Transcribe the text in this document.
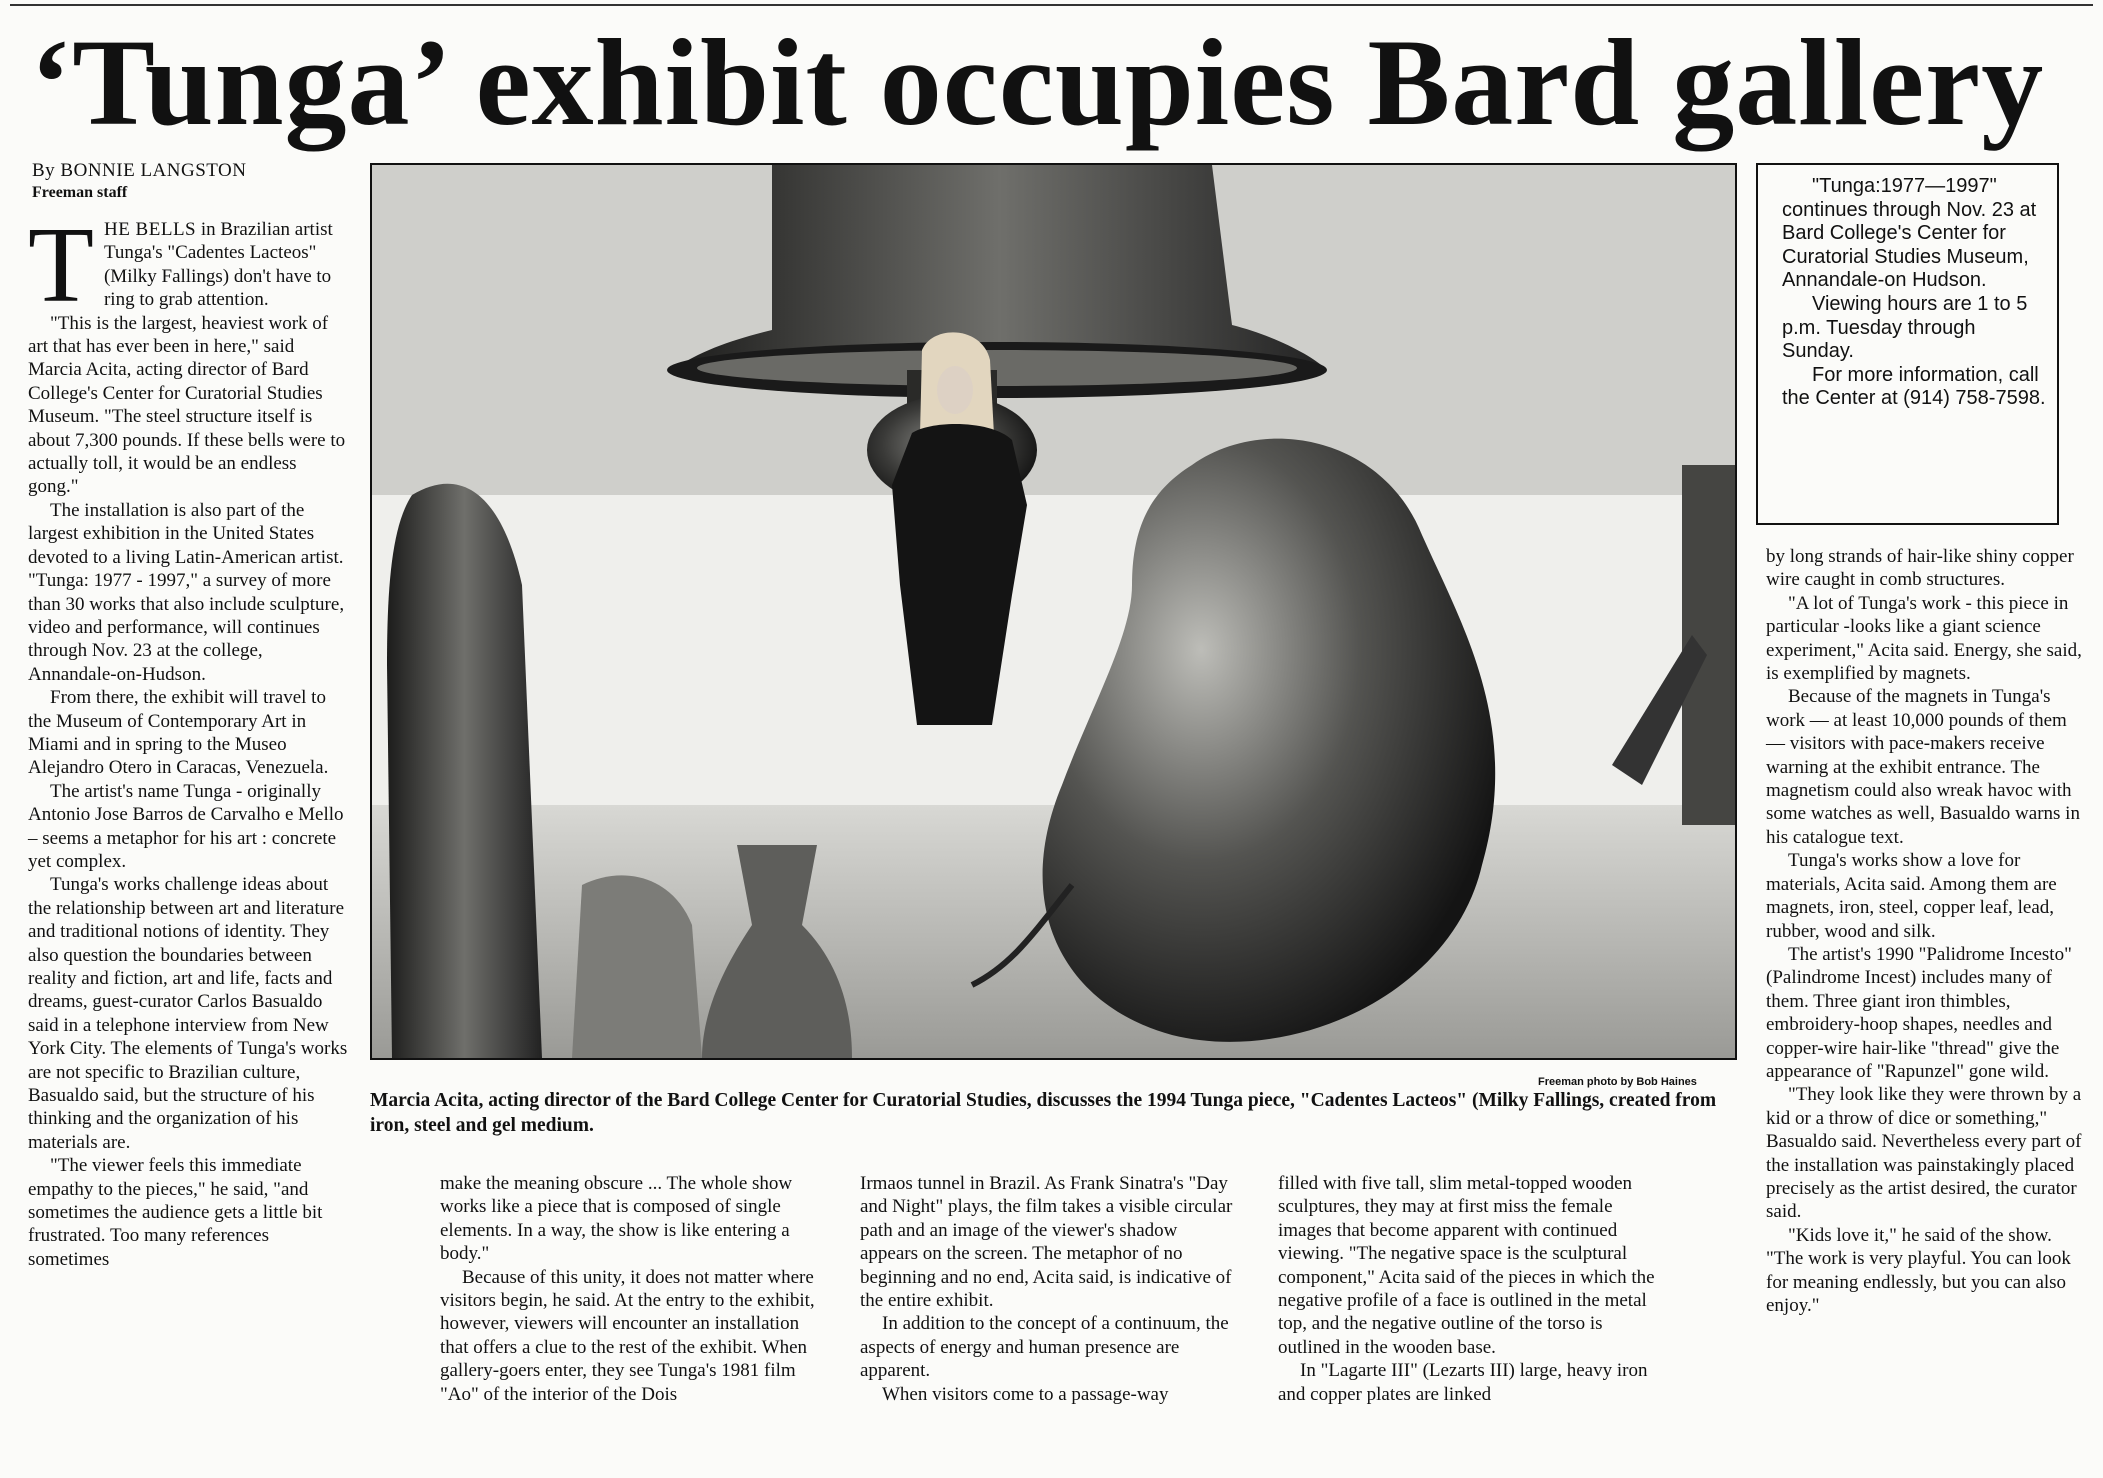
‘Tunga’ exhibit occupies Bard gallery
By BONNIE LANGSTON
Freeman staff

THE BELLS in Brazilian artist Tunga's "Cadentes Lacteos" (Milky Fallings) don't have to ring to grab attention.

"This is the largest, heaviest work of art that has ever been in here," said Marcia Acita, acting director of Bard College's Center for Curatorial Studies Museum. "The steel structure itself is about 7,300 pounds. If these bells were to actually toll, it would be an endless gong."

The installation is also part of the largest exhibition in the United States devoted to a living Latin-American artist. "Tunga: 1977 - 1997," a survey of more than 30 works that also include sculpture, video and performance, will continues through Nov. 23 at the college, Annandale-on-Hudson.

From there, the exhibit will travel to the Museum of Contemporary Art in Miami and in spring to the Museo Alejandro Otero in Caracas, Venezuela.

The artist's name Tunga - originally Antonio Jose Barros de Carvalho e Mello – seems a metaphor for his art : concrete yet complex.

Tunga's works challenge ideas about the relationship between art and literature and traditional notions of identity. They also question the boundaries between reality and fiction, art and life, facts and dreams, guest-curator Carlos Basualdo said in a telephone interview from New York City. The elements of Tunga's works are not specific to Brazilian culture, Basualdo said, but the structure of his thinking and the organization of his materials are.

"The viewer feels this immediate empathy to the pieces," he said, "and sometimes the audience gets a little bit frustrated. Too many references sometimes

Freeman photo by Bob Haines
Marcia Acita, acting director of the Bard College Center for Curatorial Studies, discusses the 1994 Tunga piece, "Cadentes Lacteos" (Milky Fallings, created from iron, steel and gel medium.

"Tunga:1977—1997" continues through Nov. 23 at Bard College's Center for Curatorial Studies Museum, Annandale-on Hudson.

Viewing hours are 1 to 5 p.m. Tuesday through Sunday.

For more information, call the Center at (914) 758-7598.

make the meaning obscure ... The whole show works like a piece that is composed of single elements. In a way, the show is like entering a body."

Because of this unity, it does not matter where visitors begin, he said. At the entry to the exhibit, however, viewers will encounter an installation that offers a clue to the rest of the exhibit. When gallery-goers enter, they see Tunga's 1981 film "Ao" of the interior of the Dois

Irmaos tunnel in Brazil. As Frank Sinatra's "Day and Night" plays, the film takes a visible circular path and an image of the viewer's shadow appears on the screen. The metaphor of no beginning and no end, Acita said, is indicative of the entire exhibit.

In addition to the concept of a continuum, the aspects of energy and human presence are apparent.

When visitors come to a passage-way

filled with five tall, slim metal-topped wooden sculptures, they may at first miss the female images that become apparent with continued viewing. "The negative space is the sculptural component," Acita said of the pieces in which the negative profile of a face is outlined in the metal top, and the negative outline of the torso is outlined in the wooden base.

In "Lagarte III" (Lezarts III) large, heavy iron and copper plates are linked

by long strands of hair-like shiny copper wire caught in comb structures.

"A lot of Tunga's work - this piece in particular -looks like a giant science experiment," Acita said. Energy, she said, is exemplified by magnets.

Because of the magnets in Tunga's work — at least 10,000 pounds of them — visitors with pace-makers receive warning at the exhibit entrance. The magnetism could also wreak havoc with some watches as well, Basualdo warns in his catalogue text.

Tunga's works show a love for materials, Acita said. Among them are magnets, iron, steel, copper leaf, lead, rubber, wood and silk.

The artist's 1990 "Palidrome Incesto" (Palindrome Incest) includes many of them. Three giant iron thimbles, embroidery-hoop shapes, needles and copper-wire hair-like "thread" give the appearance of "Rapunzel" gone wild.

"They look like they were thrown by a kid or a throw of dice or something," Basualdo said. Nevertheless every part of the installation was painstakingly placed precisely as the artist desired, the curator said.

"Kids love it," he said of the show. "The work is very playful. You can look for meaning endlessly, but you can also enjoy."
